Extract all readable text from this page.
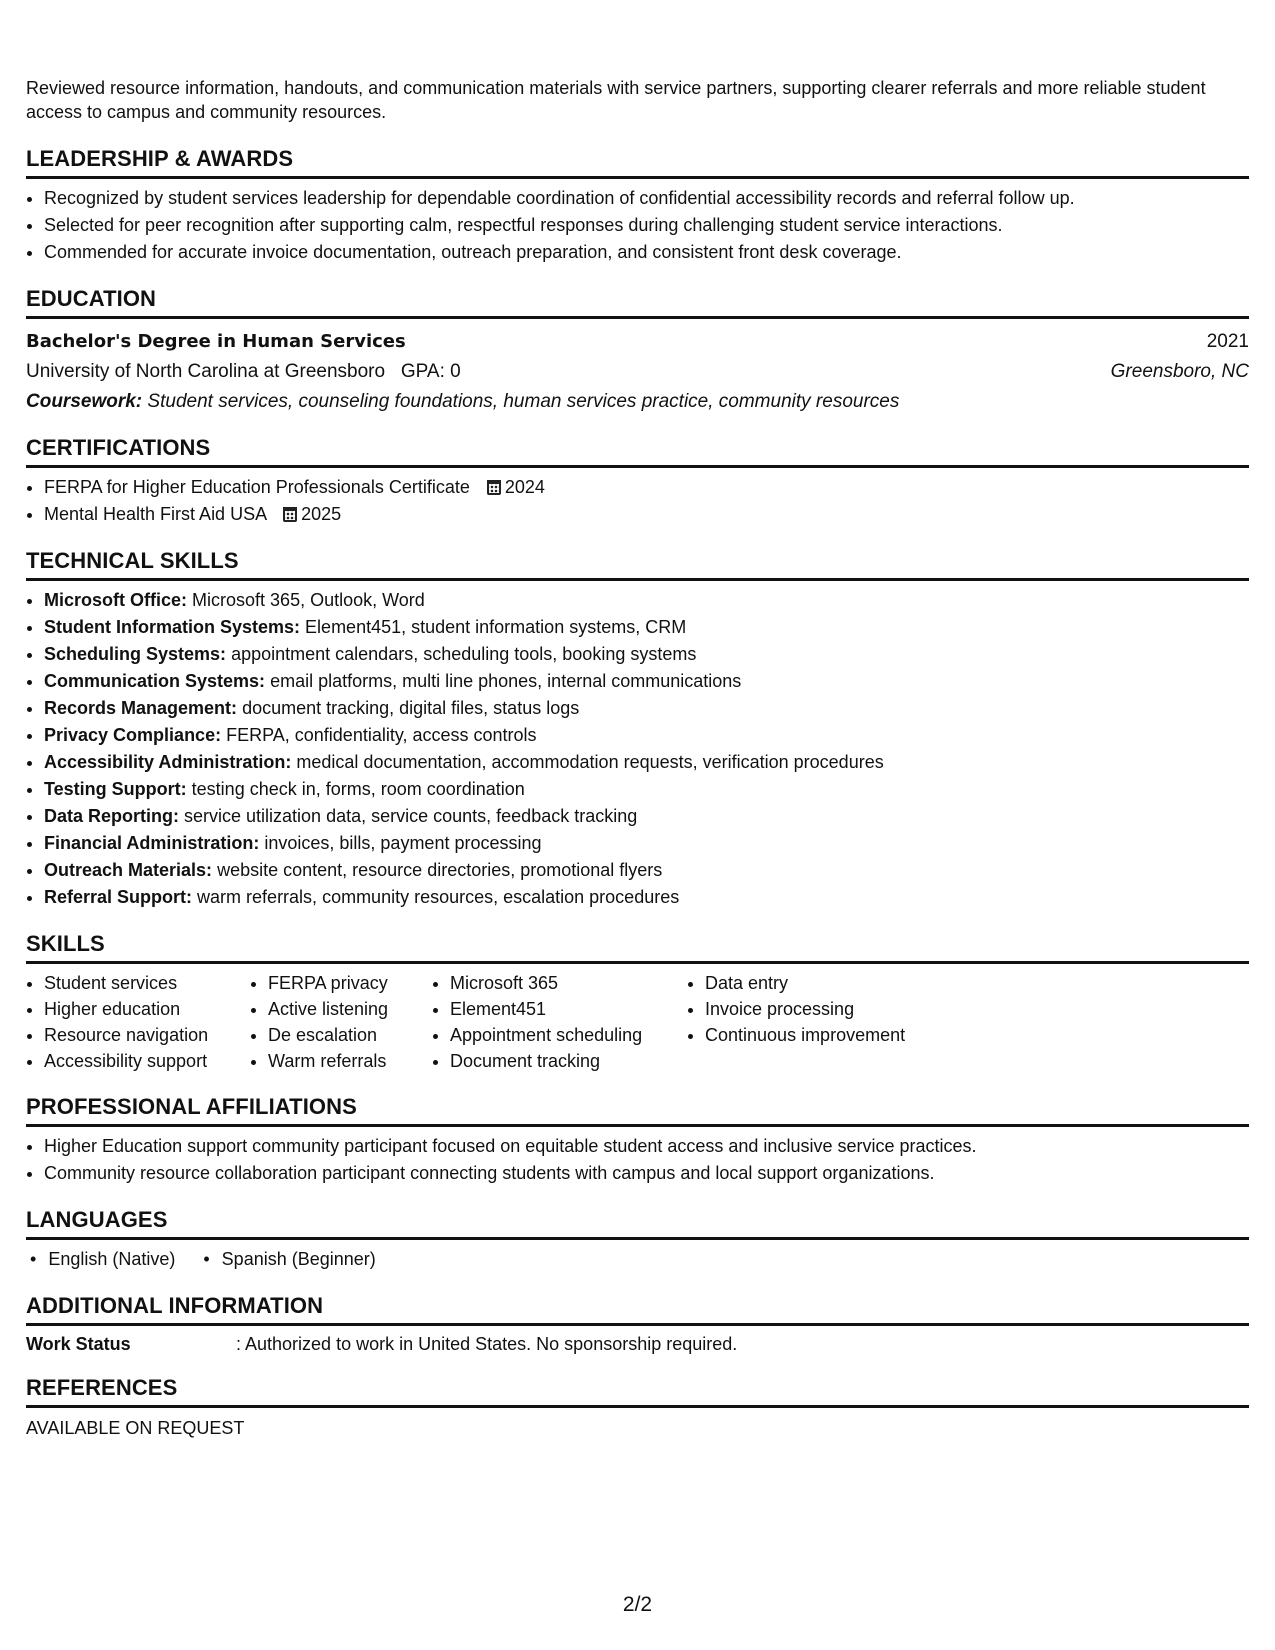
Reviewed resource information, handouts, and communication materials with service partners, supporting clearer referrals and more reliable student access to campus and community resources.

LEADERSHIP & AWARDS
• Recognized by student services leadership for dependable coordination of confidential accessibility records and referral follow up.
• Selected for peer recognition after supporting calm, respectful responses during challenging student service interactions.
• Commended for accurate invoice documentation, outreach preparation, and consistent front desk coverage.
EDUCATION
Bachelor's Degree in Human Services	2021
University of North Carolina at Greensboro GPA: 0	Greensboro, NC
Coursework: Student services, counseling foundations, human services practice, community resources
CERTIFICATIONS
• FERPA for Higher Education Professionals Certificate 2024
• Mental Health First Aid USA 2025
TECHNICAL SKILLS
• Microsoft Office: Microsoft 365, Outlook, Word
• Student Information Systems: Element451, student information systems, CRM
• Scheduling Systems: appointment calendars, scheduling tools, booking systems
• Communication Systems: email platforms, multi line phones, internal communications
• Records Management: document tracking, digital files, status logs
• Privacy Compliance: FERPA, confidentiality, access controls
• Accessibility Administration: medical documentation, accommodation requests, verification procedures
• Testing Support: testing check in, forms, room coordination
• Data Reporting: service utilization data, service counts, feedback tracking
• Financial Administration: invoices, bills, payment processing
• Outreach Materials: website content, resource directories, promotional flyers
• Referral Support: warm referrals, community resources, escalation procedures
SKILLS
• Student services
• Higher education
• Resource navigation
• Accessibility support
• FERPA privacy
• Active listening
• De escalation
• Warm referrals
• Microsoft 365
• Element451
• Appointment scheduling
• Document tracking
• Data entry
• Invoice processing
• Continuous improvement
PROFESSIONAL AFFILIATIONS
• Higher Education support community participant focused on equitable student access and inclusive service practices.
• Community resource collaboration participant connecting students with campus and local support organizations.
LANGUAGES
• English (Native)
•	Spanish (Beginner)
ADDITIONAL INFORMATION
Work Status	: Authorized to work in United States. No sponsorship required.
REFERENCES
AVAILABLE ON REQUEST
2/2
